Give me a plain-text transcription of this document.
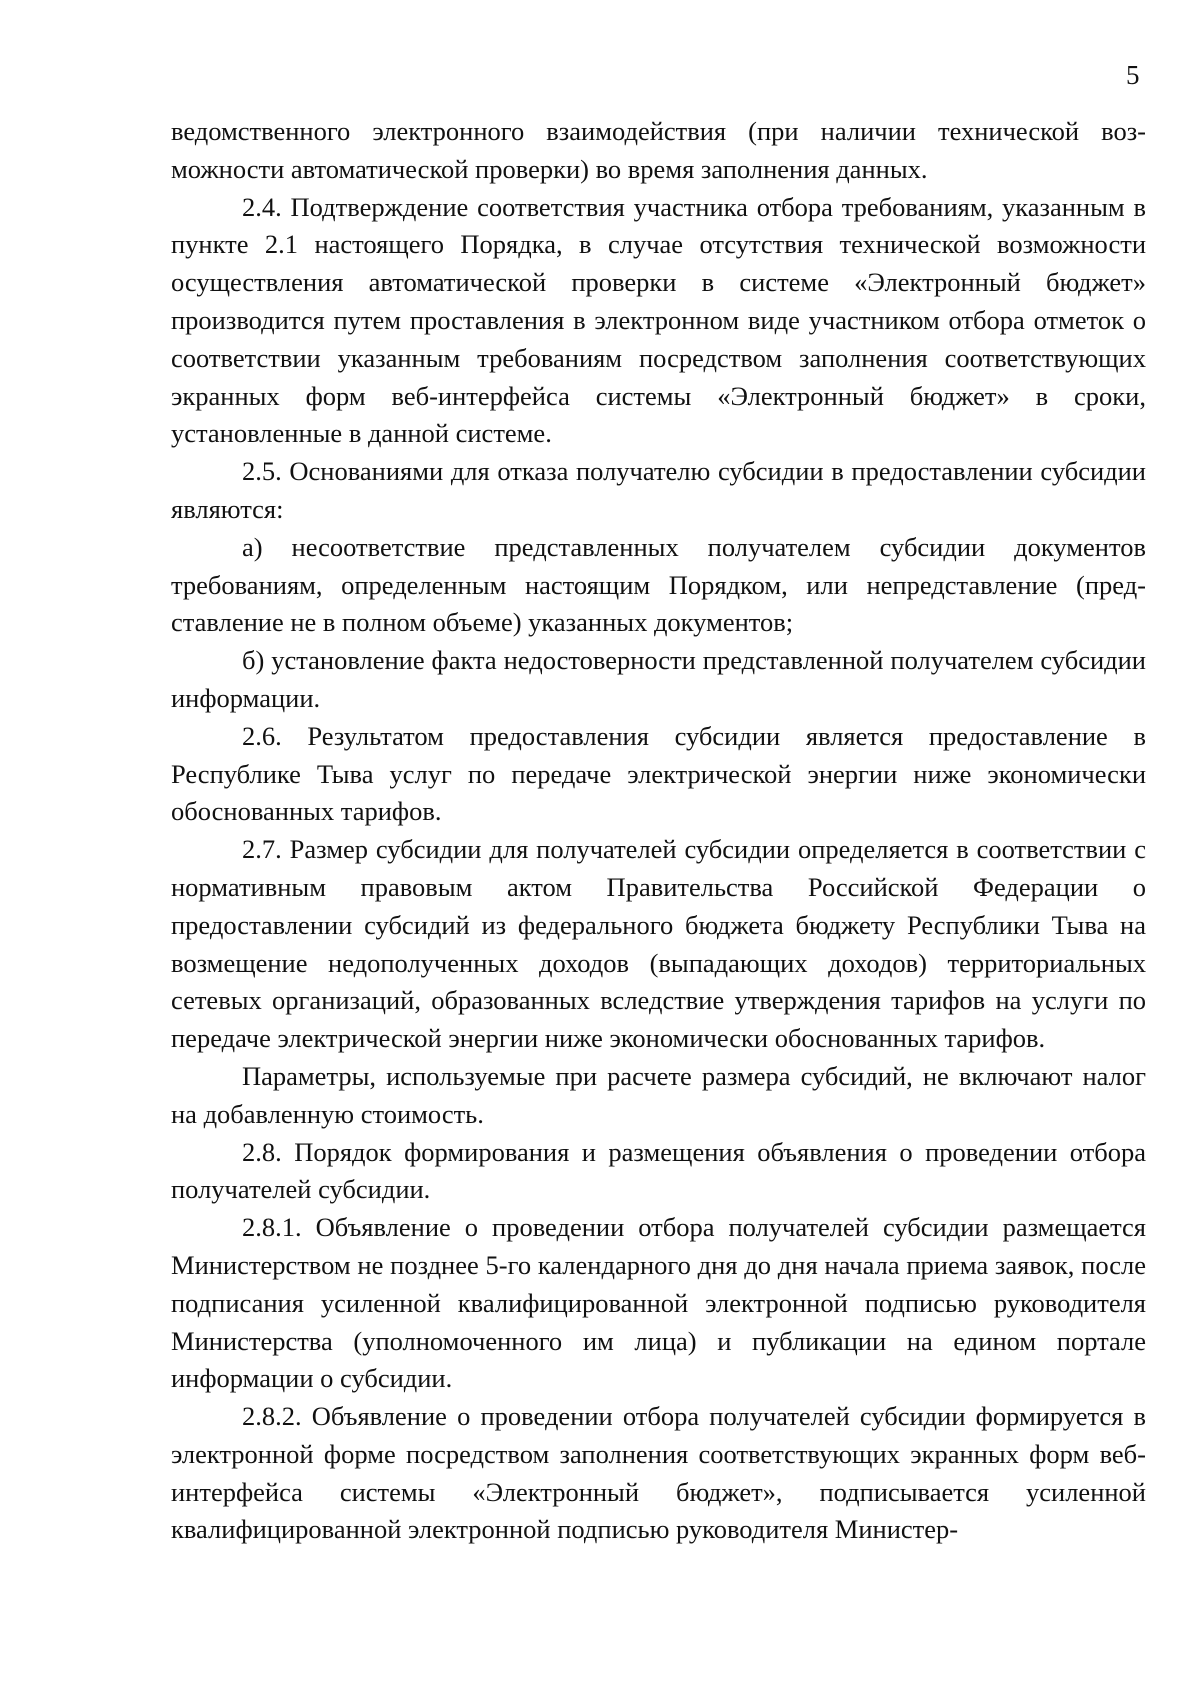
5

ведомственного электронного взаимодействия (при наличии технической возможности автоматической проверки) во время заполнения данных.

2.4. Подтверждение соответствия участника отбора требованиям, указанным в пункте 2.1 настоящего Порядка, в случае отсутствия технической возможности осуществления автоматической проверки в системе «Электронный бюджет» производится путем проставления в электронном виде участником отбора отметок о соответствии указанным требованиям посредством заполнения соответствующих экранных форм веб-интерфейса системы «Электронный бюджет» в сроки, установленные в данной системе.

2.5. Основаниями для отказа получателю субсидии в предоставлении субсидии являются:

а) несоответствие представленных получателем субсидии документов требованиям, определенным настоящим Порядком, или непредставление (представление не в полном объеме) указанных документов;

б) установление факта недостоверности представленной получателем субсидии информации.

2.6. Результатом предоставления субсидии является предоставление в Республике Тыва услуг по передаче электрической энергии ниже экономически обоснованных тарифов.

2.7. Размер субсидии для получателей субсидии определяется в соответствии с нормативным правовым актом Правительства Российской Федерации о предоставлении субсидий из федерального бюджета бюджету Республики Тыва на возмещение недополученных доходов (выпадающих доходов) территориальных сетевых организаций, образованных вследствие утверждения тарифов на услуги по передаче электрической энергии ниже экономически обоснованных тарифов.

Параметры, используемые при расчете размера субсидий, не включают налог на добавленную стоимость.

2.8. Порядок формирования и размещения объявления о проведении отбора получателей субсидии.

2.8.1. Объявление о проведении отбора получателей субсидии размещается Министерством не позднее 5-го календарного дня до дня начала приема заявок, после подписания усиленной квалифицированной электронной подписью руководителя Министерства (уполномоченного им лица) и публикации на едином портале информации о субсидии.

2.8.2. Объявление о проведении отбора получателей субсидии формируется в электронной форме посредством заполнения соответствующих экранных форм веб-интерфейса системы «Электронный бюджет», подписывается усиленной квалифицированной электронной подписью руководителя Министер-
